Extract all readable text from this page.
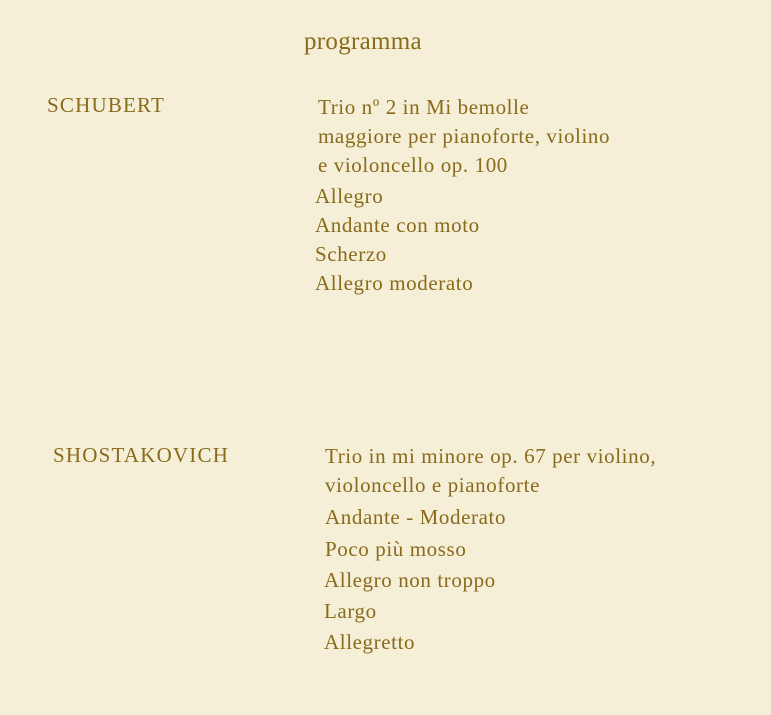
programma
SCHUBERT	Trio nº 2 in Mi bemolle
maggiore per pianoforte, violino
e violoncello op. 100
Allegro
Andante con moto
Scherzo
Allegro moderato
SHOSTAKOVICH	Trio in mi minore op. 67 per violino,
violoncello e pianoforte
Andante - Moderato
Poco più mosso
Allegro non troppo
Largo
Allegretto
